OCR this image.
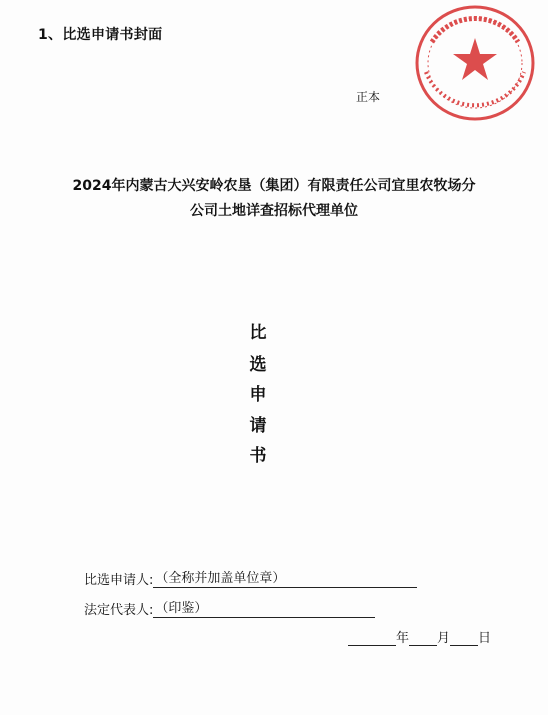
1、比选申请书封面
正本
2024年内蒙古大兴安岭农垦（集团）有限责任公司宜里农牧场分
公司土地详查招标代理单位
比
选
申
请
书
比选申请人: （全称并加盖单位章）
法定代表人: （印鉴）
年 月 日
